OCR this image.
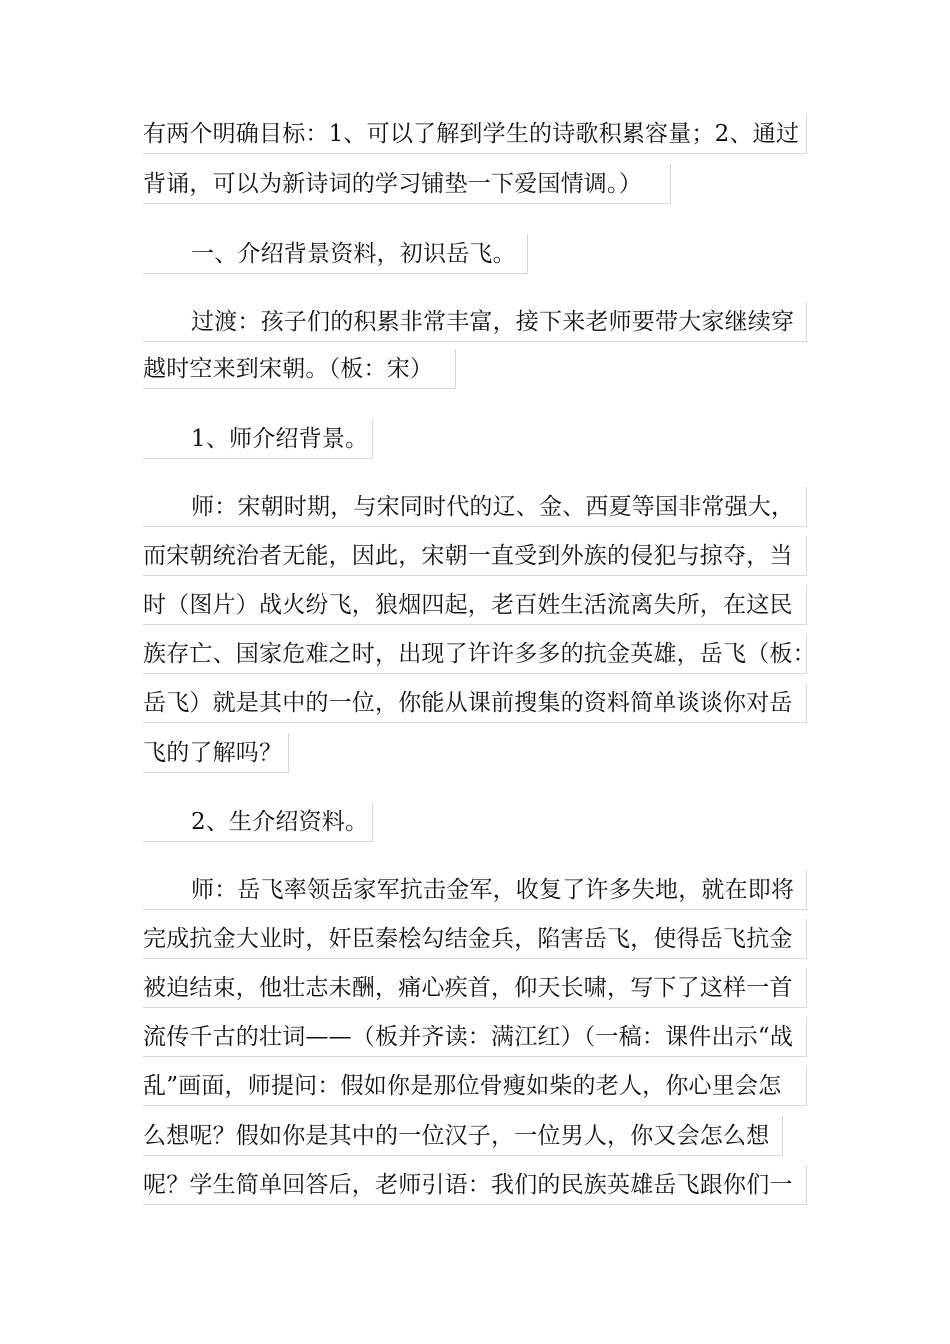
有两个明确目标：1、可以了解到学生的诗歌积累容量；2、通过
背诵，可以为新诗词的学习铺垫一下爱国情调。）
一、介绍背景资料，初识岳飞。
过渡：孩子们的积累非常丰富，接下来老师要带大家继续穿
越时空来到宋朝。（板：宋）
1、师介绍背景。
师：宋朝时期，与宋同时代的辽、金、西夏等国非常强大，
而宋朝统治者无能，因此，宋朝一直受到外族的侵犯与掠夺，当
时（图片）战火纷飞，狼烟四起，老百姓生活流离失所，在这民
族存亡、国家危难之时，出现了许许多多的抗金英雄，岳飞（板：
岳飞）就是其中的一位，你能从课前搜集的资料简单谈谈你对岳
飞的了解吗？
2、生介绍资料。
师：岳飞率领岳家军抗击金军，收复了许多失地，就在即将
完成抗金大业时，奸臣秦桧勾结金兵，陷害岳飞，使得岳飞抗金
被迫结束，他壮志未酬，痛心疾首，仰天长啸，写下了这样一首
流传千古的壮词——（板并齐读：满江红）（一稿：课件出示“战
乱”画面，师提问：假如你是那位骨瘦如柴的老人，你心里会怎
么想呢？假如你是其中的一位汉子，一位男人，你又会怎么想
呢？学生简单回答后，老师引语：我们的民族英雄岳飞跟你们一
